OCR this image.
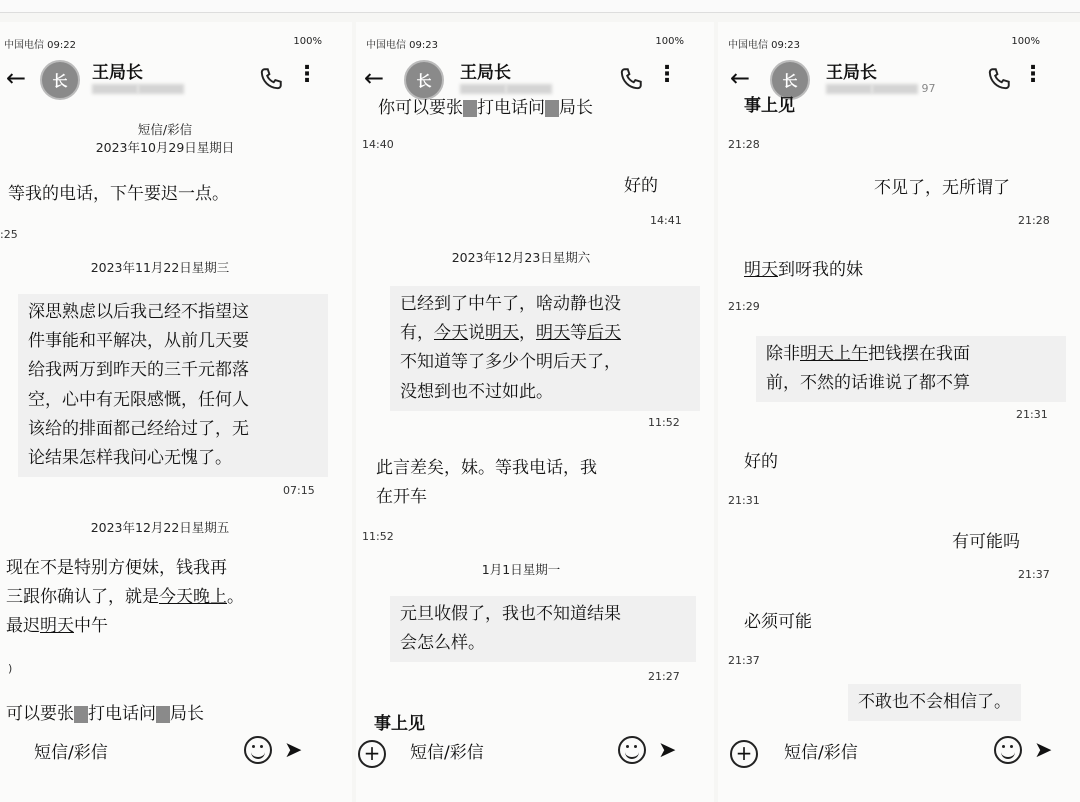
中国电信 09:22	100%
←	长	王局长	⋮
短信/彩信
2023年10月29日星期日
等我的电话，下午要迟一点。
:25
2023年11月22日星期三
深思熟虑以后我己经不指望这
件事能和平解决，从前几天要
给我两万到昨天的三千元都落
空，心中有无限感慨，任何人
该给的排面都己经给过了，无
论结果怎样我问心无愧了。
07:15
2023年12月22日星期五
现在不是特别方便妹，钱我再
三跟你确认了，就是今天晚上。
最迟明天中午
)
可以要张 打电话问 局长
短信/彩信	➤
中国电信 09:23	100%
←	长	王局长	⋮
你可以要张 打电话问 局长
14:40
好的
14:41
2023年12月23日星期六
已经到了中午了，啥动静也没
有，今天说明天，明天等后天
不知道等了多少个明后天了，
没想到也不过如此。
11:52
此言差矣，妹。等我电话，我
在开车
11:52
1月1日星期一
元旦收假了，我也不知道结果
会怎么样。
21:27
事上见
+	短信/彩信	➤
中国电信 09:23	100%
←	长	王局长
97
⋮
事上见
21:28
不见了，无所谓了
21:28
明天到呀我的妹
21:29
除非明天上午把钱摆在我面
前，不然的话谁说了都不算
21:31
好的
21:31
有可能吗
21:37
必须可能
21:37
不敢也不会相信了。
+	短信/彩信	➤
